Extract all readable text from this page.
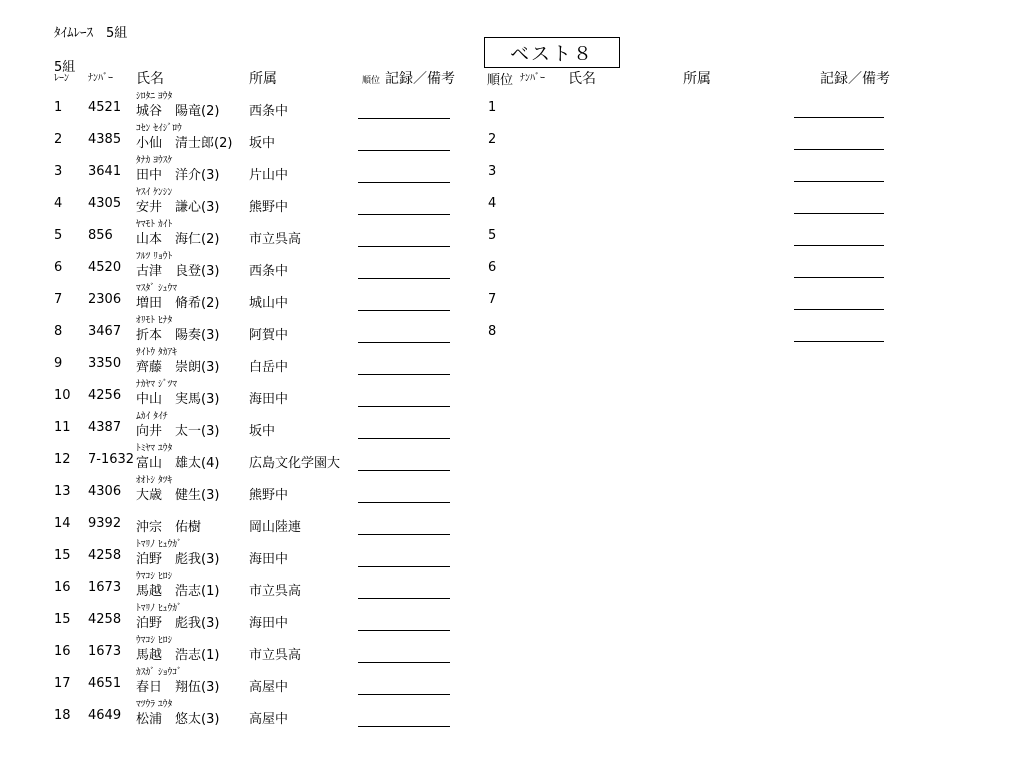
ﾀｲﾑﾚｰｽ　5組
5組
ﾚｰﾝ ﾅﾝﾊﾞｰ 氏名	所属	順位 記録／備考
ベスト８
順位 ﾅﾝﾊﾞｰ 氏名	所属	記録／備考
ｼﾛﾀﾆ ﾖｳﾀ
1 4521 城谷　陽竜(2) 西条中
ｺｾﾝ ｾｲｼﾞﾛｳ
2 4385 小仙　清士郎(2) 坂中
ﾀﾅｶ ﾖｳｽｹ
3 3641 田中　洋介(3) 片山中
ﾔｽｲ ｹﾝｼﾝ
4 4305 安井　謙心(3) 熊野中
ﾔﾏﾓﾄ ｶｲﾄ
5 856 山本　海仁(2) 市立呉高
ﾌﾙﾂ ﾘｮｳﾄ
6 4520 古津　良登(3) 西条中
ﾏｽﾀﾞ ｼｭｳﾏ
7 2306 増田　脩希(2) 城山中
ｵﾘﾓﾄ ﾋﾅﾀ
8 3467 折本　陽奏(3) 阿賀中
ｻｲﾄｳ ﾀｶｱｷ
9 3350 齊藤　崇朗(3) 白岳中
ﾅｶﾔﾏ ｼﾞﾂﾏ
10 4256 中山　実馬(3) 海田中
ﾑｶｲ ﾀｲﾁ
11 4387 向井　太一(3) 坂中
ﾄﾐﾔﾏ ﾕｳﾀ
12 7-1632 富山　雄太(4) 広島文化学園大
ｵｵﾄｼ ﾀﾂｷ
13 4306 大歳　健生(3) 熊野中
14 9392 沖宗　佑樹	岡山陸連
ﾄﾏﾘﾉ ﾋｭｳｶﾞ
15 4258 泊野　彪我(3) 海田中
ｳﾏｺｼ ﾋﾛｼ
16 1673 馬越　浩志(1) 市立呉高
ﾄﾏﾘﾉ ﾋｭｳｶﾞ
15 4258 泊野　彪我(3) 海田中
ｳﾏｺｼ ﾋﾛｼ
16 1673 馬越　浩志(1) 市立呉高
ｶｽｶﾞ ｼｮｳｺﾞ
17 4651 春日　翔伍(3) 高屋中
ﾏﾂｳﾗ ﾕｳﾀ
18 4649 松浦　悠太(3) 高屋中
1
2
3
4
5
6
7
8
